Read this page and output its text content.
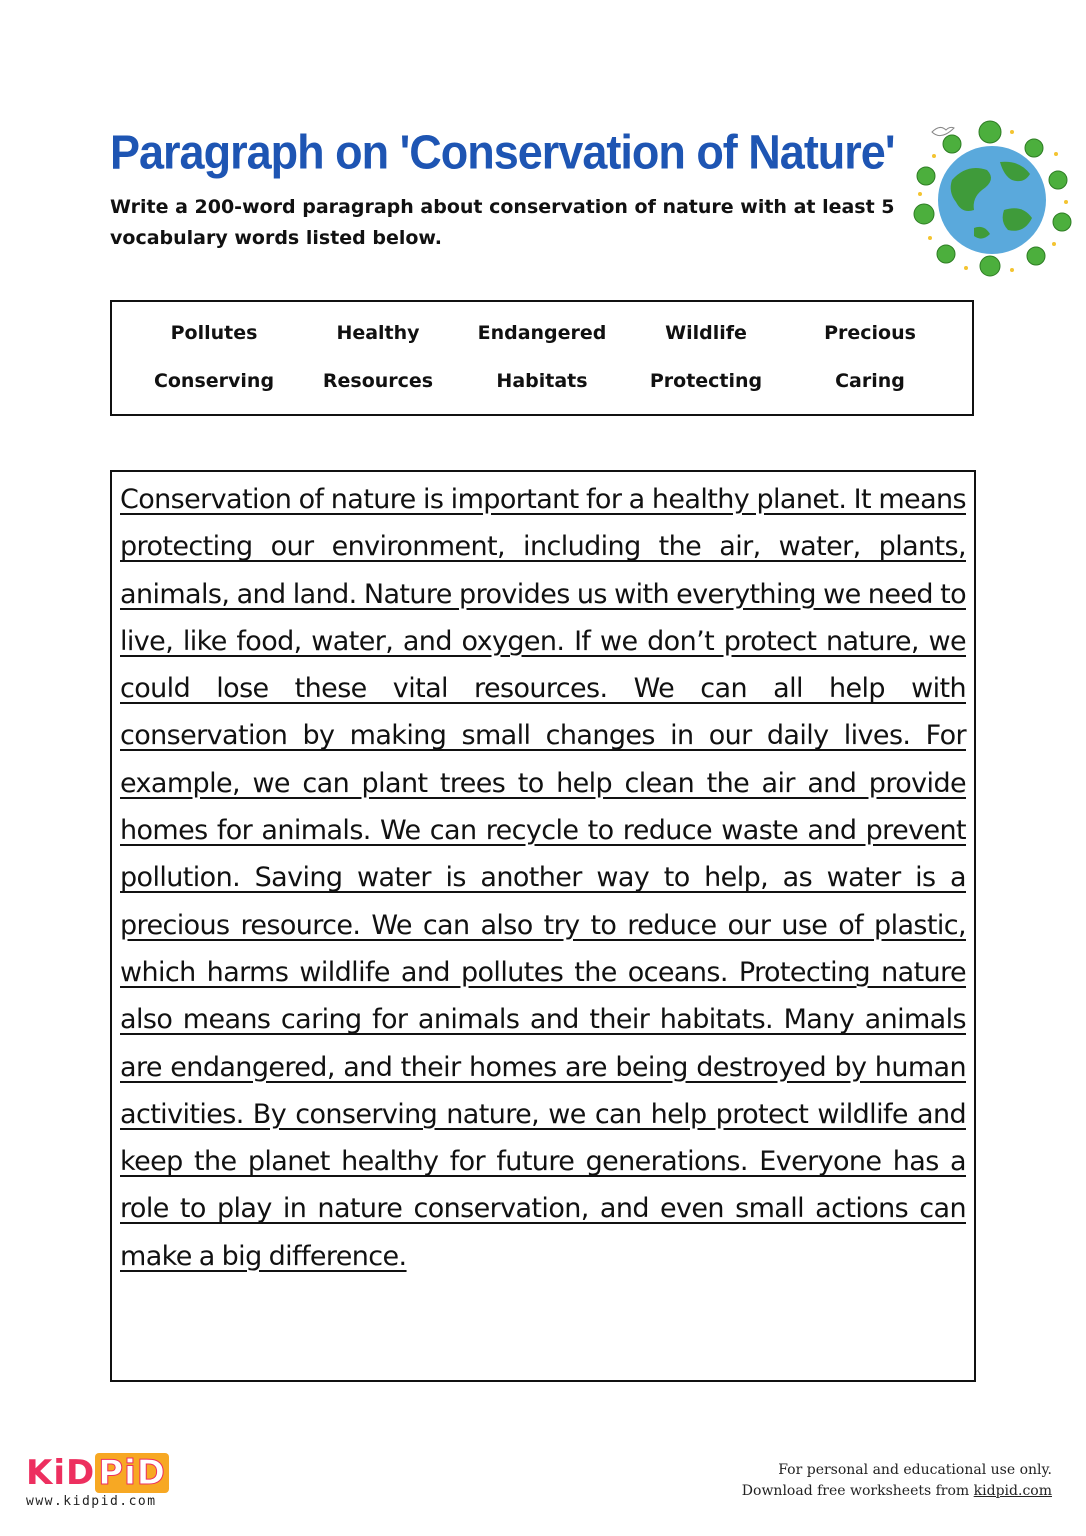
Paragraph on 'Conservation of Nature'
Write a 200-word paragraph about conservation of nature with at least 5 vocabulary words listed below.
Pollutes	Healthy	Endangered	Wildlife	Precious
Conserving	Resources	Habitats	Protecting	Caring
Conservation of nature is important for a healthy planet. It means protecting our environment, including the air, water, plants, animals, and land. Nature provides us with everything we need to live, like food, water, and oxygen. If we don’t protect nature, we could lose these vital resources. We can all help with conservation by making small changes in our daily lives. For example, we can plant trees to help clean the air and provide homes for animals. We can recycle to reduce waste and prevent pollution. Saving water is another way to help, as water is a precious resource. We can also try to reduce our use of plastic, which harms wildlife and pollutes the oceans. Protecting nature also means caring for animals and their habitats. Many animals are endangered, and their homes are being destroyed by human activities. By conserving nature, we can help protect wildlife and keep the planet healthy for future generations. Everyone has a role to play in nature conservation, and even small actions can make a big difference.
KiDPiD
www.kidpid.com
For personal and educational use only.
Download free worksheets from kidpid.com
